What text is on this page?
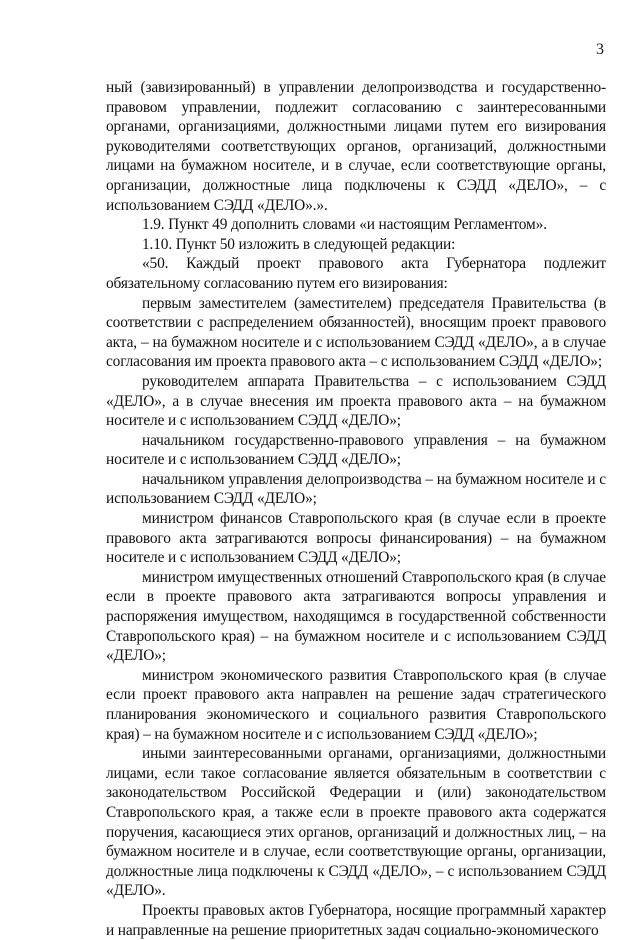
3

ный (завизированный) в управлении делопроизводства и государственно-правовом управлении, подлежит согласованию с заинтересованными органами, организациями, должностными лицами путем его визирования руководителями соответствующих органов, организаций, должностными лицами на бумажном носителе, и в случае, если соответствующие органы, организации, должностные лица подключены к СЭДД «ДЕЛО», – с использованием СЭДД «ДЕЛО».».

1.9. Пункт 49 дополнить словами «и настоящим Регламентом».

1.10. Пункт 50 изложить в следующей редакции:

«50. Каждый проект правового акта Губернатора подлежит обязательному согласованию путем его визирования:

первым заместителем (заместителем) председателя Правительства (в соответствии с распределением обязанностей), вносящим проект правового акта, – на бумажном носителе и с использованием СЭДД «ДЕЛО», а в случае согласования им проекта правового акта – с использованием СЭДД «ДЕЛО»;

руководителем аппарата Правительства – с использованием СЭДД «ДЕЛО», а в случае внесения им проекта правового акта – на бумажном носителе и с использованием СЭДД «ДЕЛО»;

начальником государственно-правового управления – на бумажном носителе и с использованием СЭДД «ДЕЛО»;

начальником управления делопроизводства – на бумажном носителе и с использованием СЭДД «ДЕЛО»;

министром финансов Ставропольского края (в случае если в проекте правового акта затрагиваются вопросы финансирования) – на бумажном носителе и с использованием СЭДД «ДЕЛО»;

министром имущественных отношений Ставропольского края (в случае если в проекте правового акта затрагиваются вопросы управления и распоряжения имуществом, находящимся в государственной собственности Ставропольского края) – на бумажном носителе и с использованием СЭДД «ДЕЛО»;

министром экономического развития Ставропольского края (в случае если проект правового акта направлен на решение задач стратегического планирования экономического и социального развития Ставропольского края) – на бумажном носителе и с использованием СЭДД «ДЕЛО»;

иными заинтересованными органами, организациями, должностными лицами, если такое согласование является обязательным в соответствии с законодательством Российской Федерации и (или) законодательством Ставропольского края, а также если в проекте правового акта содержатся поручения, касающиеся этих органов, организаций и должностных лиц, – на бумажном носителе и в случае, если соответствующие органы, организации, должностные лица подключены к СЭДД «ДЕЛО», – с использованием СЭДД «ДЕЛО».

Проекты правовых актов Губернатора, носящие программный характер и направленные на решение приоритетных задач социально-экономического
